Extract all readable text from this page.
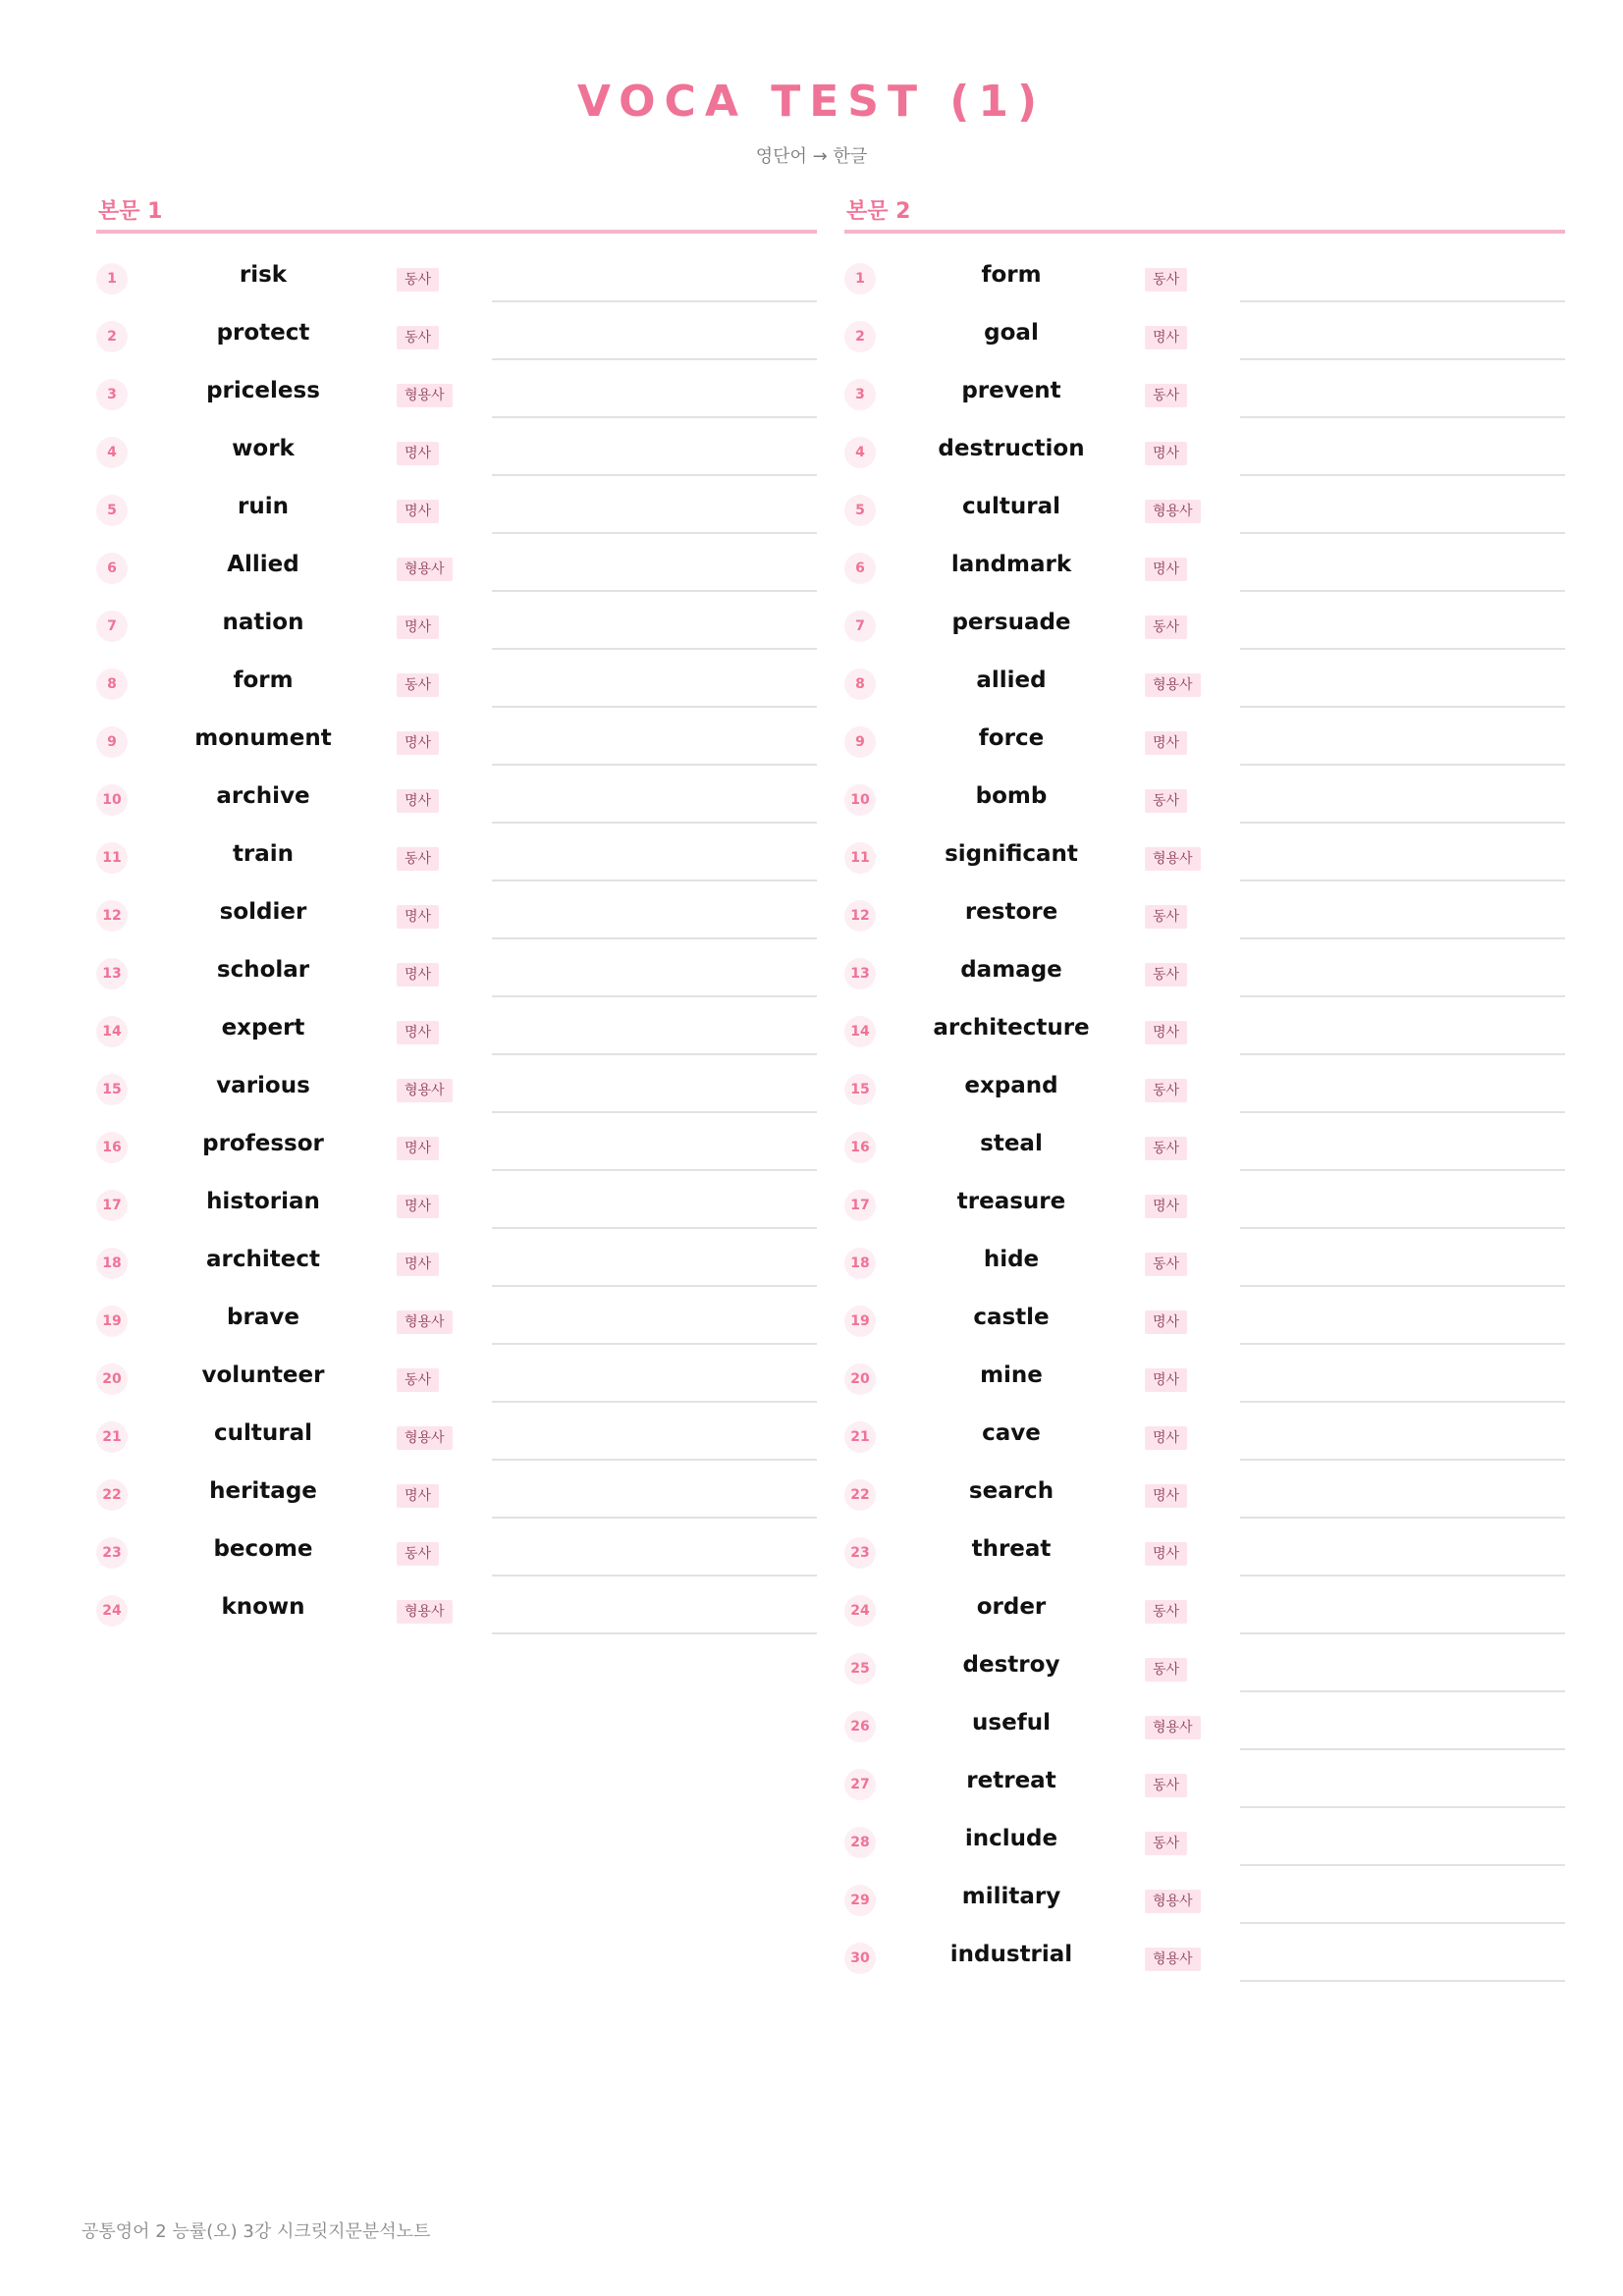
VOCA TEST (1)
영단어 → 한글
본문 1
1	risk	동사
2	protect	동사
3	priceless	형용사
4	work	명사
5	ruin	명사
6	Allied	형용사
7	nation	명사
8	form	동사
9	monument	명사
10	archive	명사
11	train	동사
12	soldier	명사
13	scholar	명사
14	expert	명사
15	various	형용사
16	professor	명사
17	historian	명사
18	architect	명사
19	brave	형용사
20	volunteer	동사
21	cultural	형용사
22	heritage	명사
23	become	동사
24	known	형용사
본문 2
1	form	동사
2	goal	명사
3	prevent	동사
4	destruction	명사
5	cultural	형용사
6	landmark	명사
7	persuade	동사
8	allied	형용사
9	force	명사
10	bomb	동사
11	significant	형용사
12	restore	동사
13	damage	동사
14	architecture	명사
15	expand	동사
16	steal	동사
17	treasure	명사
18	hide	동사
19	castle	명사
20	mine	명사
21	cave	명사
22	search	명사
23	threat	명사
24	order	동사
25	destroy	동사
26	useful	형용사
27	retreat	동사
28	include	동사
29	military	형용사
30	industrial	형용사
공통영어 2 능률(오) 3강 시크릿지문분석노트
